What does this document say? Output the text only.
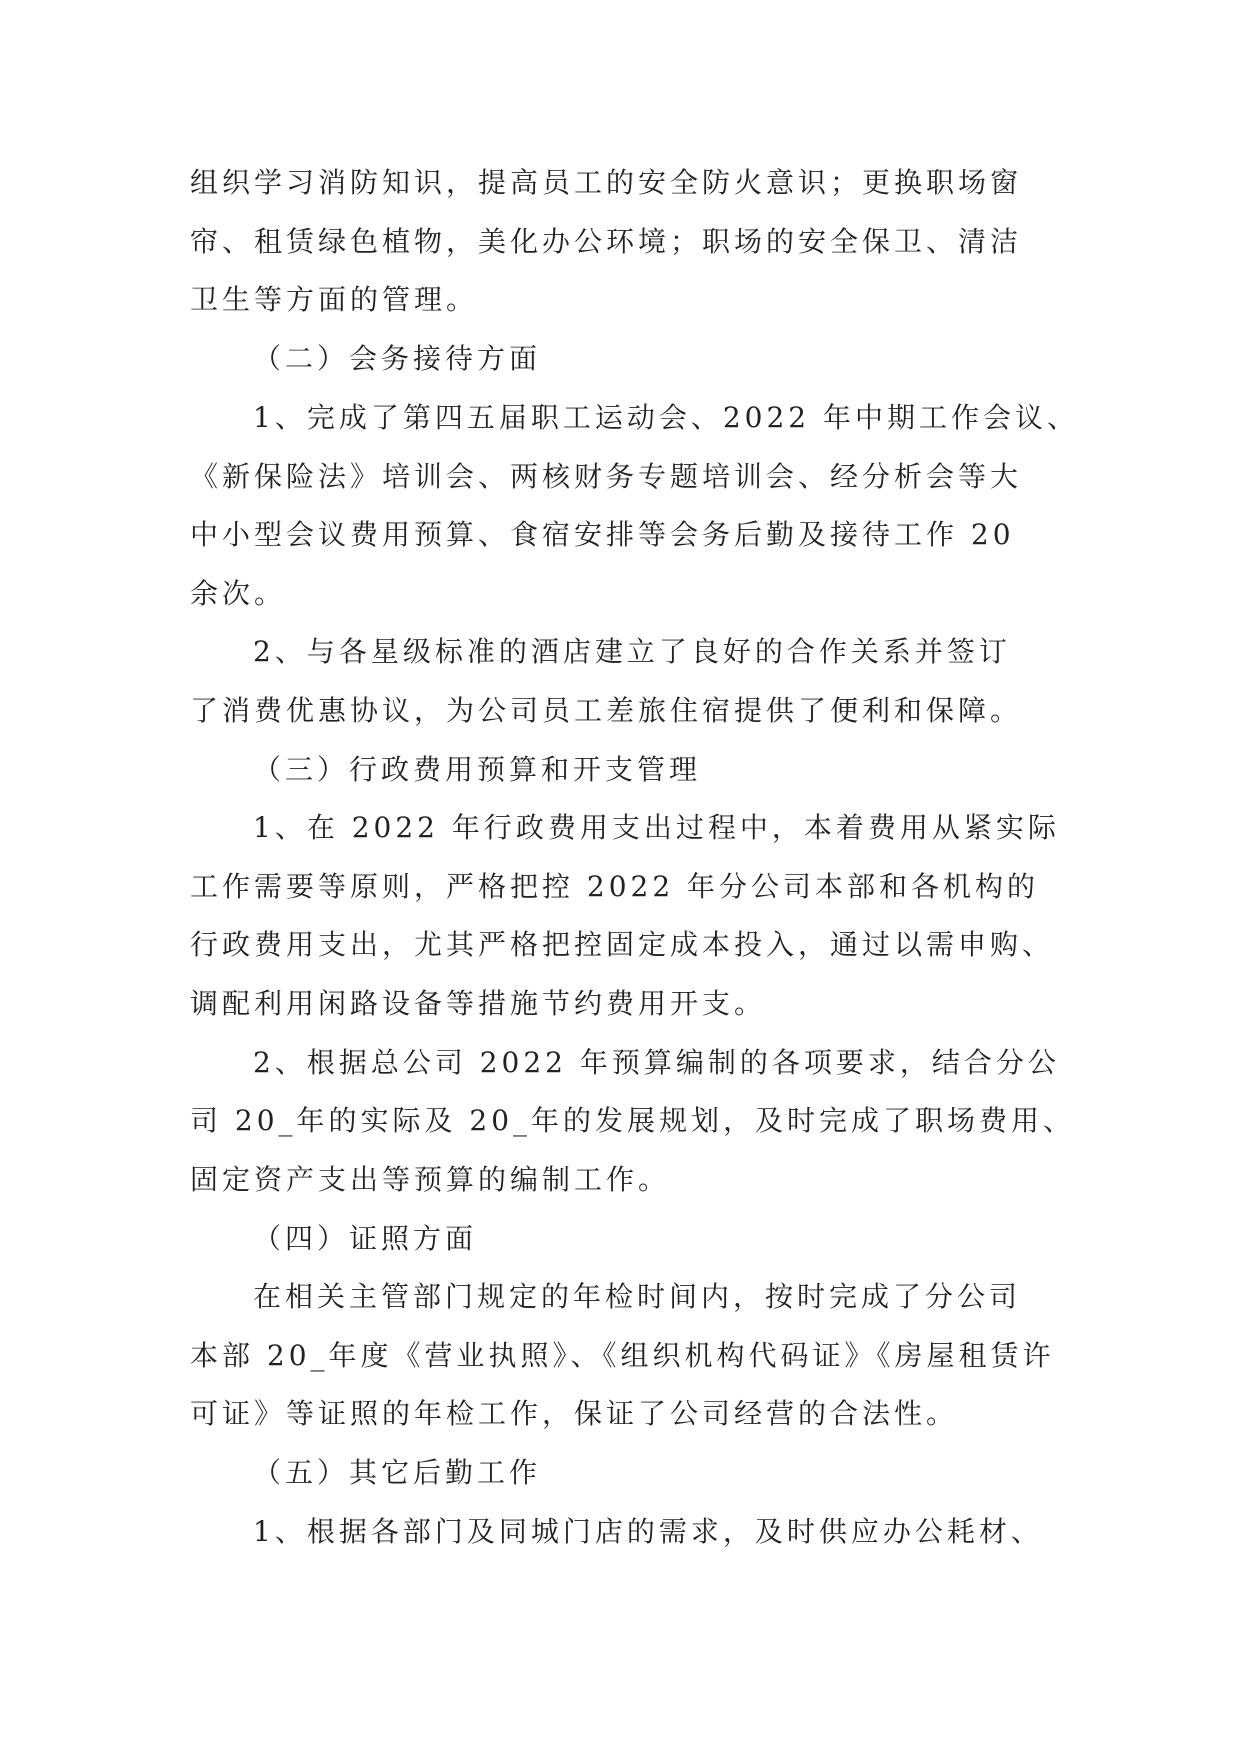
组织学习消防知识，提高员工的安全防火意识；更换职场窗
帘、租赁绿色植物，美化办公环境；职场的安全保卫、清洁
卫生等方面的管理。
（二）会务接待方面
1、完成了第四五届职工运动会、2022 年中期工作会议、
《新保险法》培训会、两核财务专题培训会、经分析会等大
中小型会议费用预算、食宿安排等会务后勤及接待工作 20
余次。
2、与各星级标准的酒店建立了良好的合作关系并签订
了消费优惠协议，为公司员工差旅住宿提供了便利和保障。
（三）行政费用预算和开支管理
1、在 2022 年行政费用支出过程中，本着费用从紧实际
工作需要等原则，严格把控 2022 年分公司本部和各机构的
行政费用支出，尤其严格把控固定成本投入，通过以需申购、
调配利用闲路设备等措施节约费用开支。
2、根据总公司 2022 年预算编制的各项要求，结合分公
司 20_年的实际及 20_年的发展规划，及时完成了职场费用、
固定资产支出等预算的编制工作。
（四）证照方面
在相关主管部门规定的年检时间内，按时完成了分公司
本部 20_年度《营业执照》、《组织机构代码证》《房屋租赁许
可证》等证照的年检工作，保证了公司经营的合法性。
（五）其它后勤工作
1、根据各部门及同城门店的需求，及时供应办公耗材、
